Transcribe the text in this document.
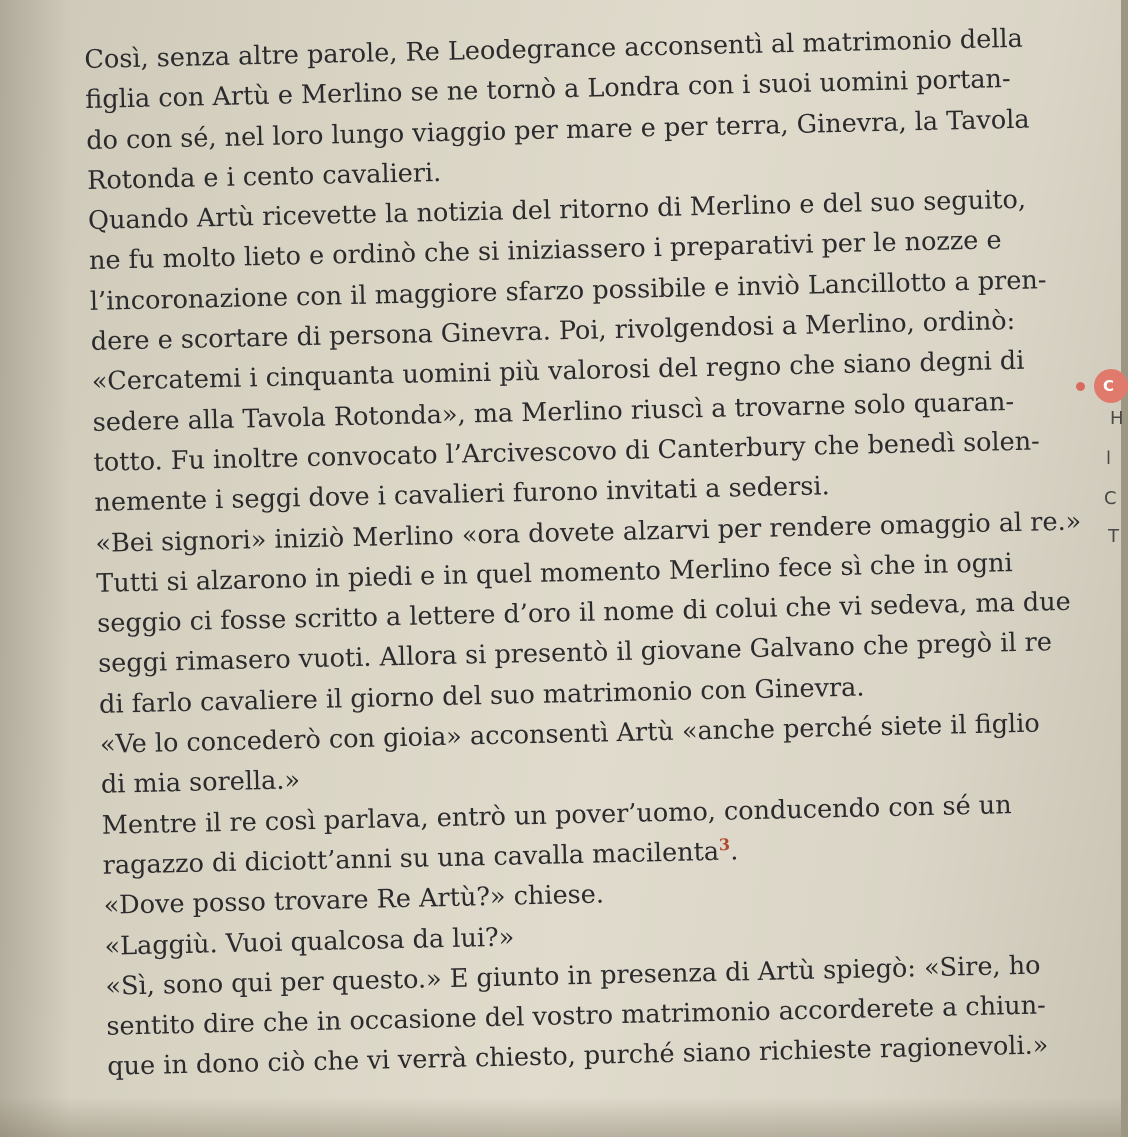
Così, senza altre parole, Re Leodegrance acconsentì al matrimonio della
figlia con Artù e Merlino se ne tornò a Londra con i suoi uomini portan-
do con sé, nel loro lungo viaggio per mare e per terra, Ginevra, la Tavola
Rotonda e i cento cavalieri.
Quando Artù ricevette la notizia del ritorno di Merlino e del suo seguito,
ne fu molto lieto e ordinò che si iniziassero i preparativi per le nozze e
l’incoronazione con il maggiore sfarzo possibile e inviò Lancillotto a pren-
dere e scortare di persona Ginevra. Poi, rivolgendosi a Merlino, ordinò:
«Cercatemi i cinquanta uomini più valorosi del regno che siano degni di
sedere alla Tavola Rotonda», ma Merlino riuscì a trovarne solo quaran-
totto. Fu inoltre convocato l’Arcivescovo di Canterbury che benedì solen-
nemente i seggi dove i cavalieri furono invitati a sedersi.
«Bei signori» iniziò Merlino «ora dovete alzarvi per rendere omaggio al re.»
Tutti si alzarono in piedi e in quel momento Merlino fece sì che in ogni
seggio ci fosse scritto a lettere d’oro il nome di colui che vi sedeva, ma due
seggi rimasero vuoti. Allora si presentò il giovane Galvano che pregò il re
di farlo cavaliere il giorno del suo matrimonio con Ginevra.
«Ve lo concederò con gioia» acconsentì Artù «anche perché siete il figlio
di mia sorella.»
Mentre il re così parlava, entrò un pover’uomo, conducendo con sé un
ragazzo di diciott’anni su una cavalla macilenta$^3$.
«Dove posso trovare Re Artù?» chiese.
«Laggiù. Vuoi qualcosa da lui?»
«Sì, sono qui per questo.» E giunto in presenza di Artù spiegò: «Sire, ho
sentito dire che in occasione del vostro matrimonio accorderete a chiun-
que in dono ciò che vi verrà chiesto, purché siano richieste ragionevoli.»
C
H
l
C
T
